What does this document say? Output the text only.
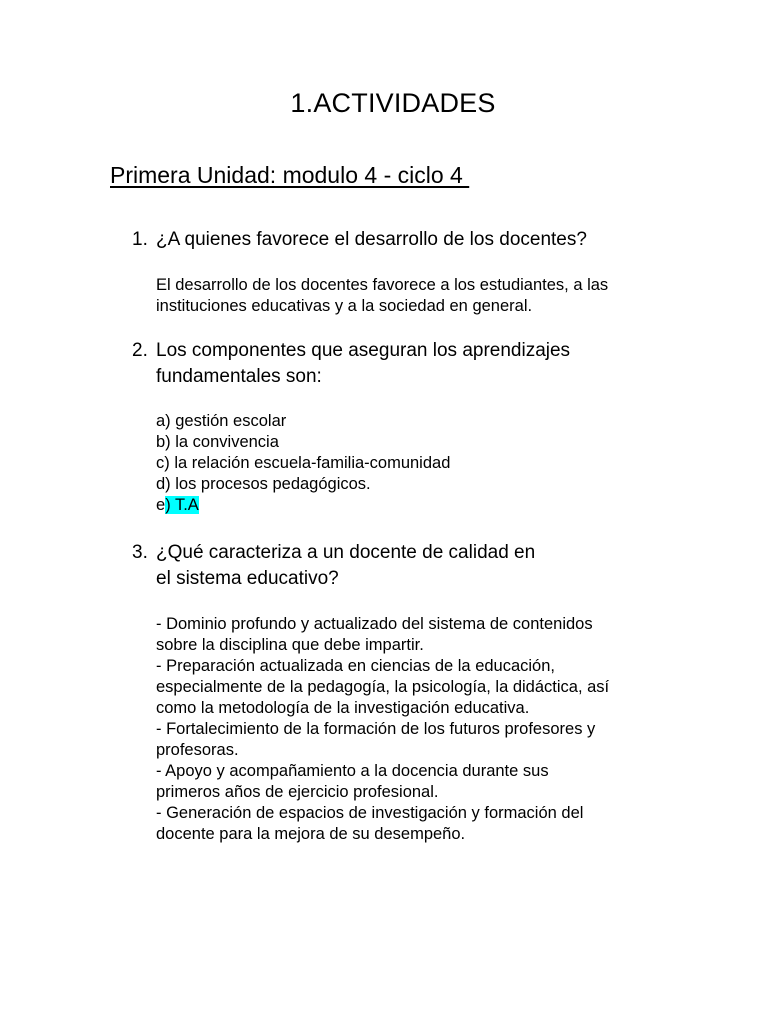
1.ACTIVIDADES
Primera Unidad: modulo 4 - ciclo 4
1. ¿A quienes favorece el desarrollo de los docentes?
El desarrollo de los docentes favorece a los estudiantes, a las
instituciones educativas y a la sociedad en general.
2. Los componentes que aseguran los aprendizajes
fundamentales son:
a) gestión escolar
b) la convivencia
c) la relación escuela-familia-comunidad
d) los procesos pedagógicos.
e) T.A
3. ¿Qué caracteriza a un docente de calidad en
el sistema educativo?
- Dominio profundo y actualizado del sistema de contenidos
sobre la disciplina que debe impartir.
- Preparación actualizada en ciencias de la educación,
especialmente de la pedagogía, la psicología, la didáctica, así
como la metodología de la investigación educativa.
- Fortalecimiento de la formación de los futuros profesores y
profesoras.
- Apoyo y acompañamiento a la docencia durante sus
primeros años de ejercicio profesional.
- Generación de espacios de investigación y formación del
docente para la mejora de su desempeño.
